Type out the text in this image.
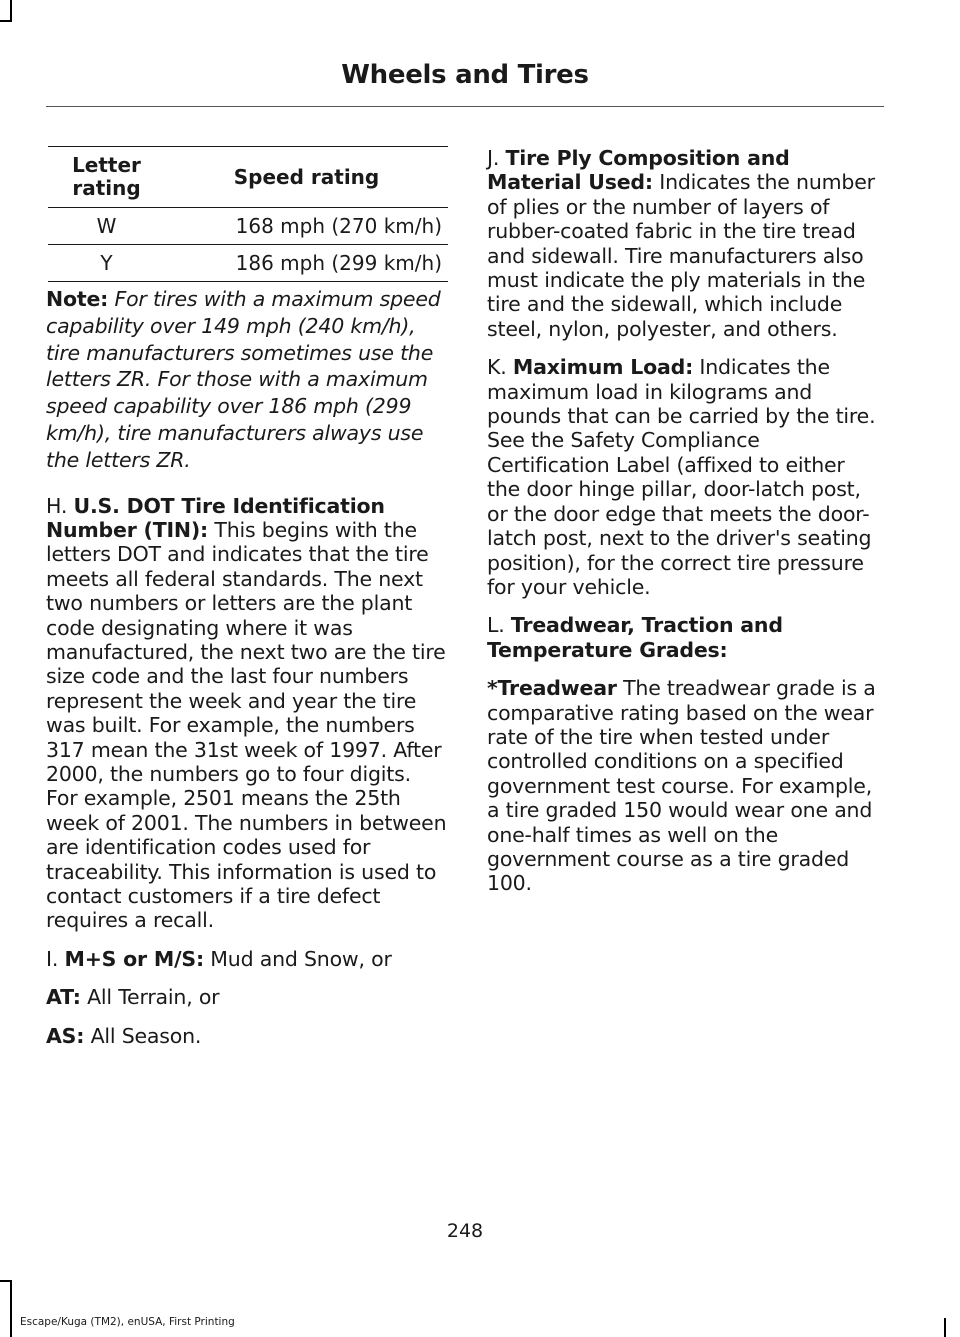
Wheels and Tires
Letter rating	Speed rating
W	168 mph (270 km/h)
Y	186 mph (299 km/h)

Note: For tires with a maximum speed capability over 149 mph (240 km/h), tire manufacturers sometimes use the letters ZR. For those with a maximum speed capability over 186 mph (299 km/h), tire manufacturers always use the letters ZR.

H. U.S. DOT Tire Identification Number (TIN): This begins with the letters DOT and indicates that the tire meets all federal standards. The next two numbers or letters are the plant code designating where it was manufactured, the next two are the tire size code and the last four numbers represent the week and year the tire was built. For example, the numbers 317 mean the 31st week of 1997. After 2000, the numbers go to four digits. For example, 2501 means the 25th week of 2001. The numbers in between are identification codes used for traceability. This information is used to contact customers if a tire defect requires a recall.

I. M+S or M/S: Mud and Snow, or

AT: All Terrain, or

AS: All Season.

J. Tire Ply Composition and Material Used: Indicates the number of plies or the number of layers of rubber-coated fabric in the tire tread and sidewall. Tire manufacturers also must indicate the ply materials in the tire and the sidewall, which include steel, nylon, polyester, and others.

K. Maximum Load: Indicates the maximum load in kilograms and pounds that can be carried by the tire. See the Safety Compliance Certification Label (affixed to either the door hinge pillar, door-latch post, or the door edge that meets the door-latch post, next to the driver's seating position), for the correct tire pressure for your vehicle.

L. Treadwear, Traction and Temperature Grades:

*Treadwear The treadwear grade is a comparative rating based on the wear rate of the tire when tested under controlled conditions on a specified government test course. For example, a tire graded 150 would wear one and one-half times as well on the government course as a tire graded 100.

248
Escape/Kuga (TM2), enUSA, First Printing
